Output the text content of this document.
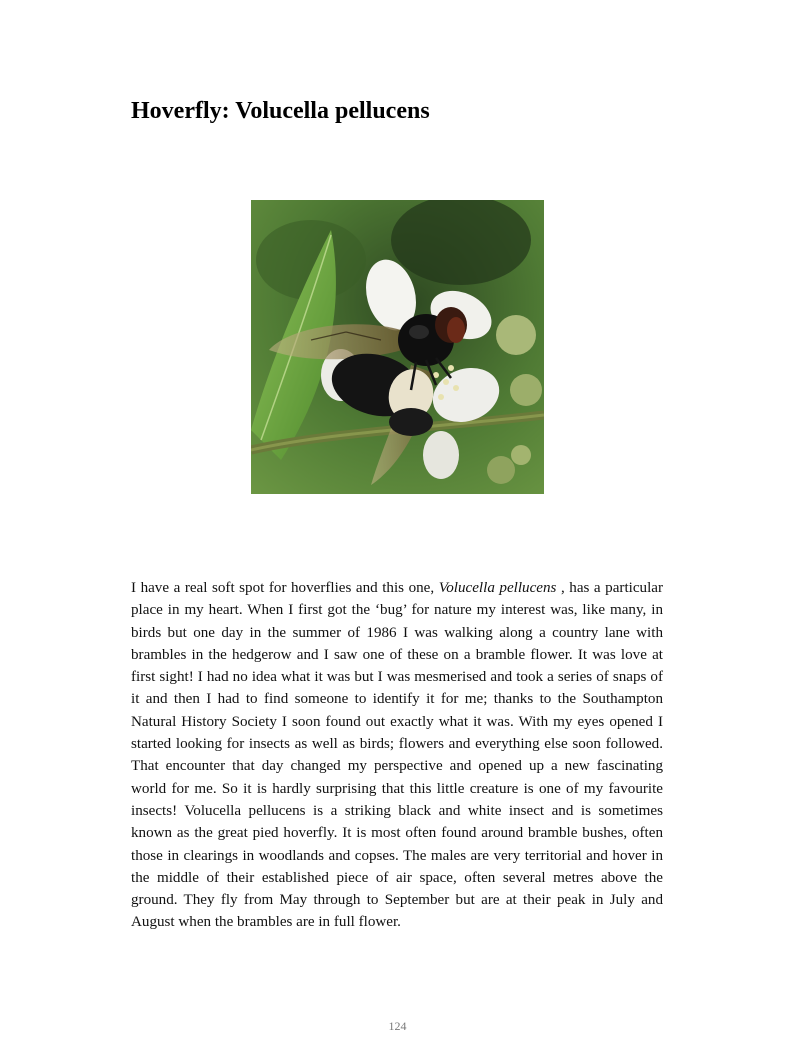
Hoverfly: Volucella pellucens

I have a real soft spot for hoverflies and this one, Volucella pellucens , has a particular place in my heart. When I first got the ‘bug’ for nature my interest was, like many, in birds but one day in the summer of 1986 I was walking along a country lane with brambles in the hedgerow and I saw one of these on a bramble flower. It was love at first sight! I had no idea what it was but I was mesmerised and took a series of snaps of it and then I had to find someone to identify it for me; thanks to the Southampton Natural History Society I soon found out exactly what it was. With my eyes opened I started looking for insects as well as birds; flowers and everything else soon followed. That encounter that day changed my perspective and opened up a new fascinating world for me. So it is hardly surprising that this little creature is one of my favourite insects! Volucella pellucens is a striking black and white insect and is sometimes known as the great pied hoverfly. It is most often found around bramble bushes, often those in clearings in woodlands and copses. The males are very territorial and hover in the middle of their established piece of air space, often several metres above the ground. They fly from May through to September but are at their peak in July and August when the brambles are in full flower.

124
